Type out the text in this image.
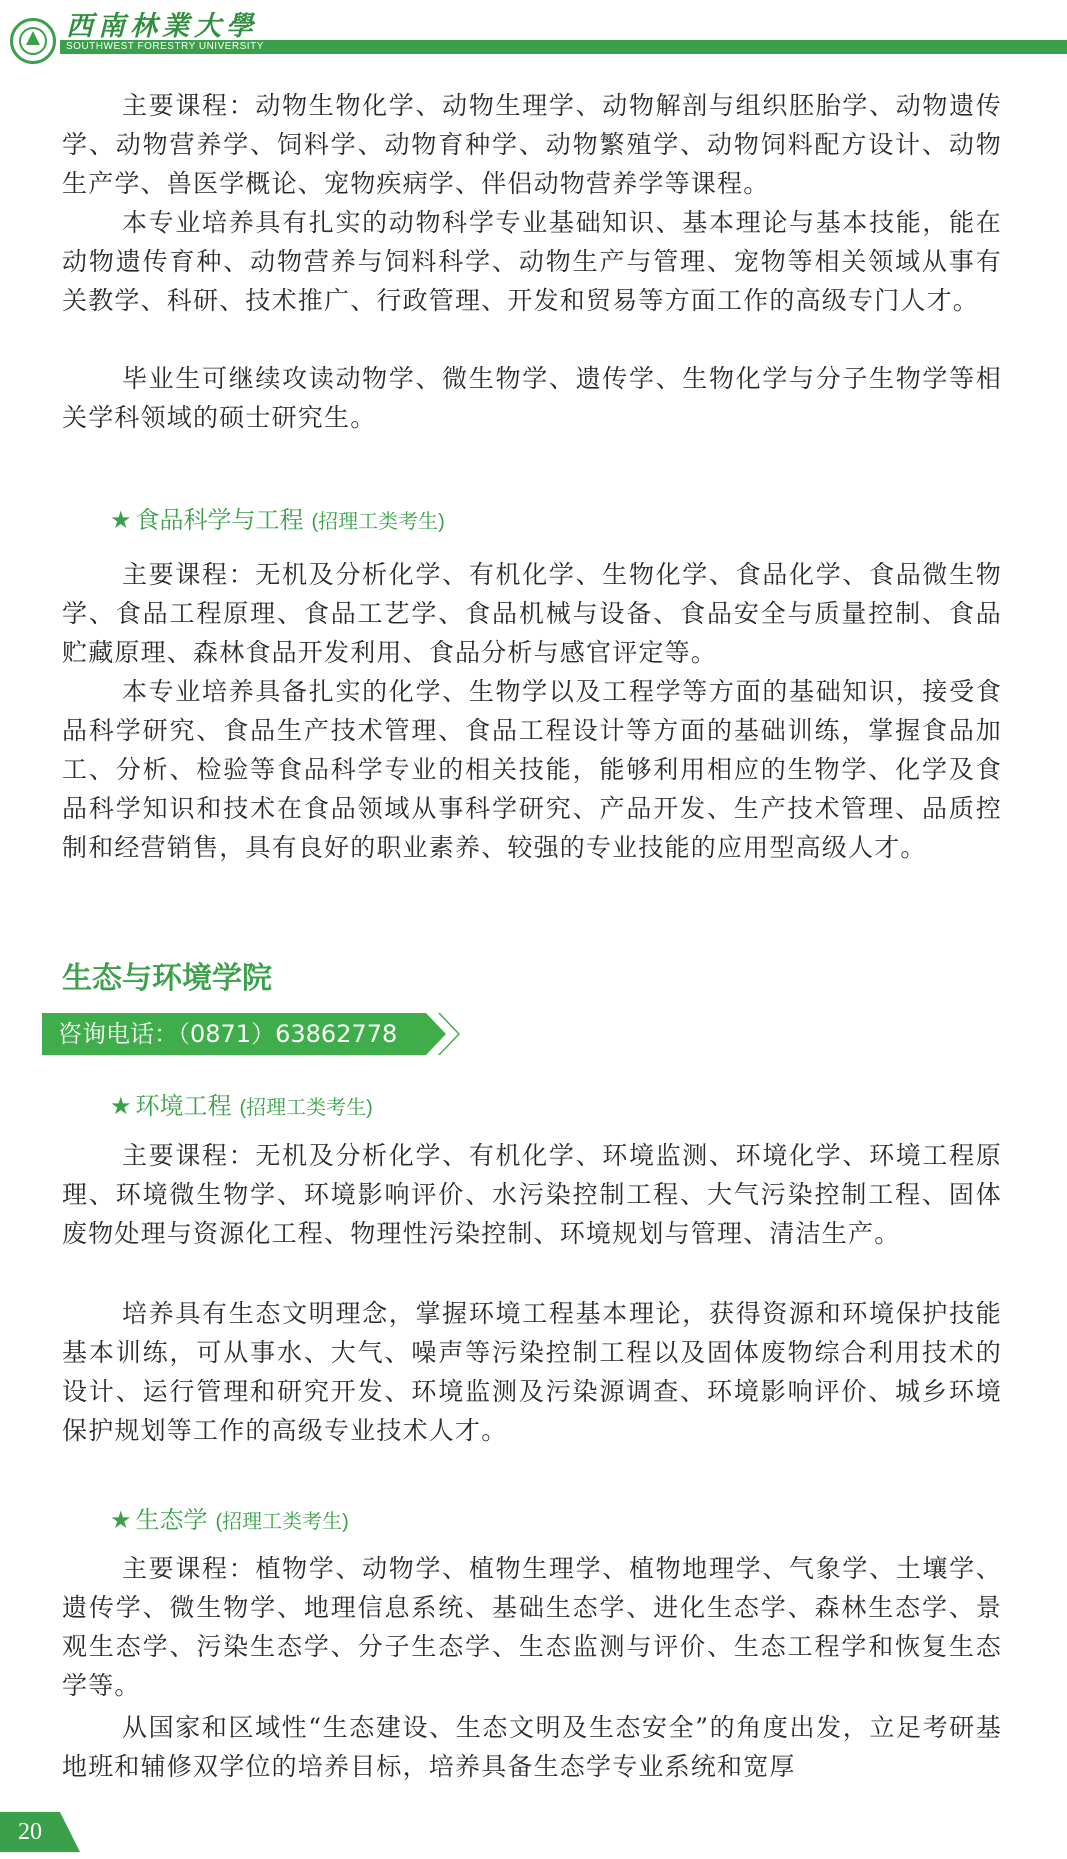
西南林業大學
SOUTHWEST FORESTRY UNIVERSITY

主要课程：动物生物化学、动物生理学、动物解剖与组织胚胎学、动物遗传学、动物营养学、饲料学、动物育种学、动物繁殖学、动物饲料配方设计、动物生产学、兽医学概论、宠物疾病学、伴侣动物营养学等课程。

本专业培养具有扎实的动物科学专业基础知识、基本理论与基本技能，能在动物遗传育种、动物营养与饲料科学、动物生产与管理、宠物等相关领域从事有关教学、科研、技术推广、行政管理、开发和贸易等方面工作的高级专门人才。

毕业生可继续攻读动物学、微生物学、遗传学、生物化学与分子生物学等相关学科领域的硕士研究生。

★ 食品科学与工程 (招理工类考生)

主要课程：无机及分析化学、有机化学、生物化学、食品化学、食品微生物学、食品工程原理、食品工艺学、食品机械与设备、食品安全与质量控制、食品贮藏原理、森林食品开发利用、食品分析与感官评定等。

本专业培养具备扎实的化学、生物学以及工程学等方面的基础知识，接受食品科学研究、食品生产技术管理、食品工程设计等方面的基础训练，掌握食品加工、分析、检验等食品科学专业的相关技能，能够利用相应的生物学、化学及食品科学知识和技术在食品领域从事科学研究、产品开发、生产技术管理、品质控制和经营销售，具有良好的职业素养、较强的专业技能的应用型高级人才。

生态与环境学院
咨询电话：（0871）63862778
★ 环境工程 (招理工类考生)

主要课程：无机及分析化学、有机化学、环境监测、环境化学、环境工程原理、环境微生物学、环境影响评价、水污染控制工程、大气污染控制工程、固体废物处理与资源化工程、物理性污染控制、环境规划与管理、清洁生产。

培养具有生态文明理念，掌握环境工程基本理论，获得资源和环境保护技能基本训练，可从事水、大气、噪声等污染控制工程以及固体废物综合利用技术的设计、运行管理和研究开发、环境监测及污染源调查、环境影响评价、城乡环境保护规划等工作的高级专业技术人才。

★ 生态学 (招理工类考生)

主要课程：植物学、动物学、植物生理学、植物地理学、气象学、土壤学、遗传学、微生物学、地理信息系统、基础生态学、进化生态学、森林生态学、景观生态学、污染生态学、分子生态学、生态监测与评价、生态工程学和恢复生态学等。

从国家和区域性“生态建设、生态文明及生态安全”的角度出发，立足考研基地班和辅修双学位的培养目标，培养具备生态学专业系统和宽厚

20
